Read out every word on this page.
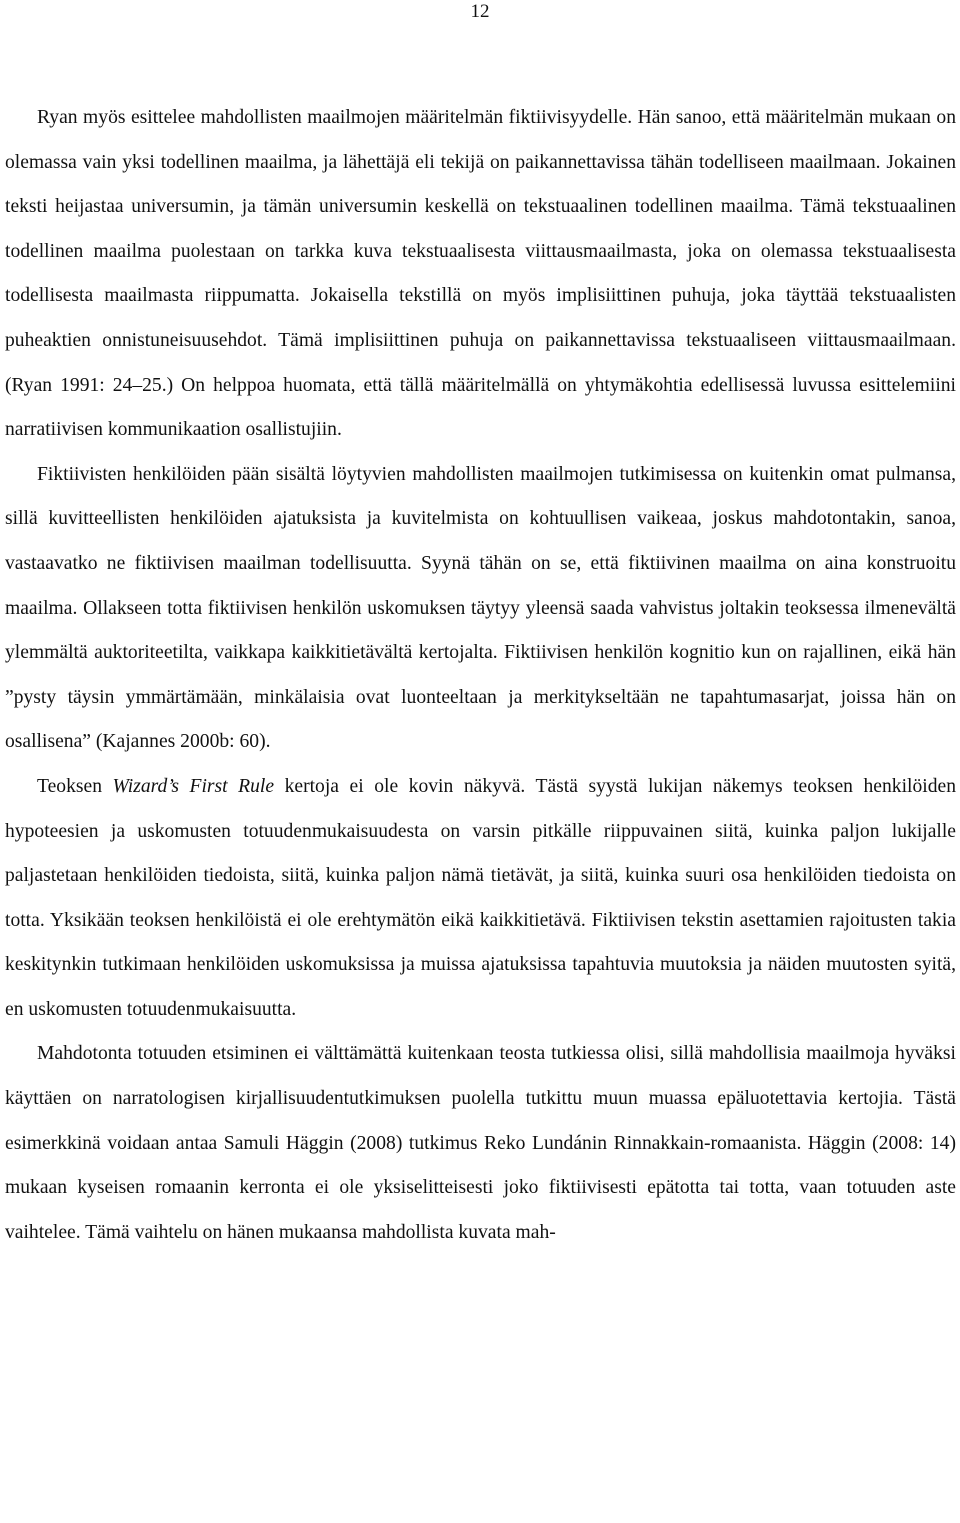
12

Ryan myös esittelee mahdollisten maailmojen määritelmän fiktiivisyydelle. Hän sanoo, että määritelmän mukaan on olemassa vain yksi todellinen maailma, ja lähettäjä eli tekijä on paikannettavissa tähän todelliseen maailmaan. Jokainen teksti heijastaa universumin, ja tämän universumin keskellä on tekstuaalinen todellinen maailma. Tämä tekstuaalinen todellinen maailma puolestaan on tarkka kuva tekstuaalisesta viittausmaailmasta, joka on olemassa tekstuaalisesta todellisesta maailmasta riippumatta. Jokaisella tekstillä on myös implisiittinen puhuja, joka täyttää tekstuaalisten puheaktien onnistuneisuusehdot. Tämä implisiittinen puhuja on paikannettavissa tekstuaaliseen viittausmaailmaan. (Ryan 1991: 24–25.) On helppoa huomata, että tällä määritelmällä on yhtymäkohtia edellisessä luvussa esittelemiini narratiivisen kommunikaation osallistujiin.

Fiktiivisten henkilöiden pään sisältä löytyvien mahdollisten maailmojen tutkimisessa on kuitenkin omat pulmansa, sillä kuvitteellisten henkilöiden ajatuksista ja kuvitelmista on kohtuullisen vaikeaa, joskus mahdotontakin, sanoa, vastaavatko ne fiktiivisen maailman todellisuutta. Syynä tähän on se, että fiktiivinen maailma on aina konstruoitu maailma. Ollakseen totta fiktiivisen henkilön uskomuksen täytyy yleensä saada vahvistus joltakin teoksessa ilmenevältä ylemmältä auktoriteetilta, vaikkapa kaikkitietävältä kertojalta. Fiktiivisen henkilön kognitio kun on rajallinen, eikä hän ”pysty täysin ymmärtämään, minkälaisia ovat luonteeltaan ja merkitykseltään ne tapahtumasarjat, joissa hän on osallisena” (Kajannes 2000b: 60).

Teoksen Wizard’s First Rule kertoja ei ole kovin näkyvä. Tästä syystä lukijan näkemys teoksen henkilöiden hypoteesien ja uskomusten totuudenmukaisuudesta on varsin pitkälle riippuvainen siitä, kuinka paljon lukijalle paljastetaan henkilöiden tiedoista, siitä, kuinka paljon nämä tietävät, ja siitä, kuinka suuri osa henkilöiden tiedoista on totta. Yksikään teoksen henkilöistä ei ole erehtymätön eikä kaikkitietävä. Fiktiivisen tekstin asettamien rajoitusten takia keskitynkin tutkimaan henkilöiden uskomuksissa ja muissa ajatuksissa tapahtuvia muutoksia ja näiden muutosten syitä, en uskomusten totuudenmukaisuutta.

Mahdotonta totuuden etsiminen ei välttämättä kuitenkaan teosta tutkiessa olisi, sillä mahdollisia maailmoja hyväksi käyttäen on narratologisen kirjallisuudentutkimuksen puolella tutkittu muun muassa epäluotettavia kertojia. Tästä esimerkkinä voidaan antaa Samuli Häggin (2008) tutkimus Reko Lundánin Rinnakkain-romaanista. Häggin (2008: 14) mukaan kyseisen romaanin kerronta ei ole yksiselitteisesti joko fiktiivisesti epätotta tai totta, vaan totuuden aste vaihtelee. Tämä vaihtelu on hänen mukaansa mahdollista kuvata mah-
